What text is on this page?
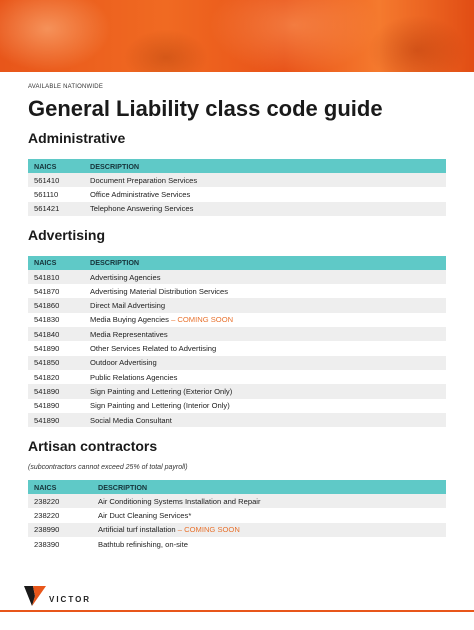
AVAILABLE NATIONWIDE
General Liability class code guide
Administrative
NAICS	DESCRIPTION
561410	Document Preparation Services
561110	Office Administrative Services
561421	Telephone Answering Services
Advertising
NAICS	DESCRIPTION
541810	Advertising Agencies
541870	Advertising Material Distribution Services
541860	Direct Mail Advertising
541830	Media Buying Agencies – COMING SOON
541840	Media Representatives
541890	Other Services Related to Advertising
541850	Outdoor Advertising
541820	Public Relations Agencies
541890	Sign Painting and Lettering (Exterior Only)
541890	Sign Painting and Lettering (Interior Only)
541890	Social Media Consultant
Artisan contractors
(subcontractors cannot exceed 25% of total payroll)
NAICS	DESCRIPTION
238220	Air Conditioning Systems Installation and Repair
238220	Air Duct Cleaning Services*
238990	Artificial turf installation – COMING SOON
238390	Bathtub refinishing, on-site
VICTOR
